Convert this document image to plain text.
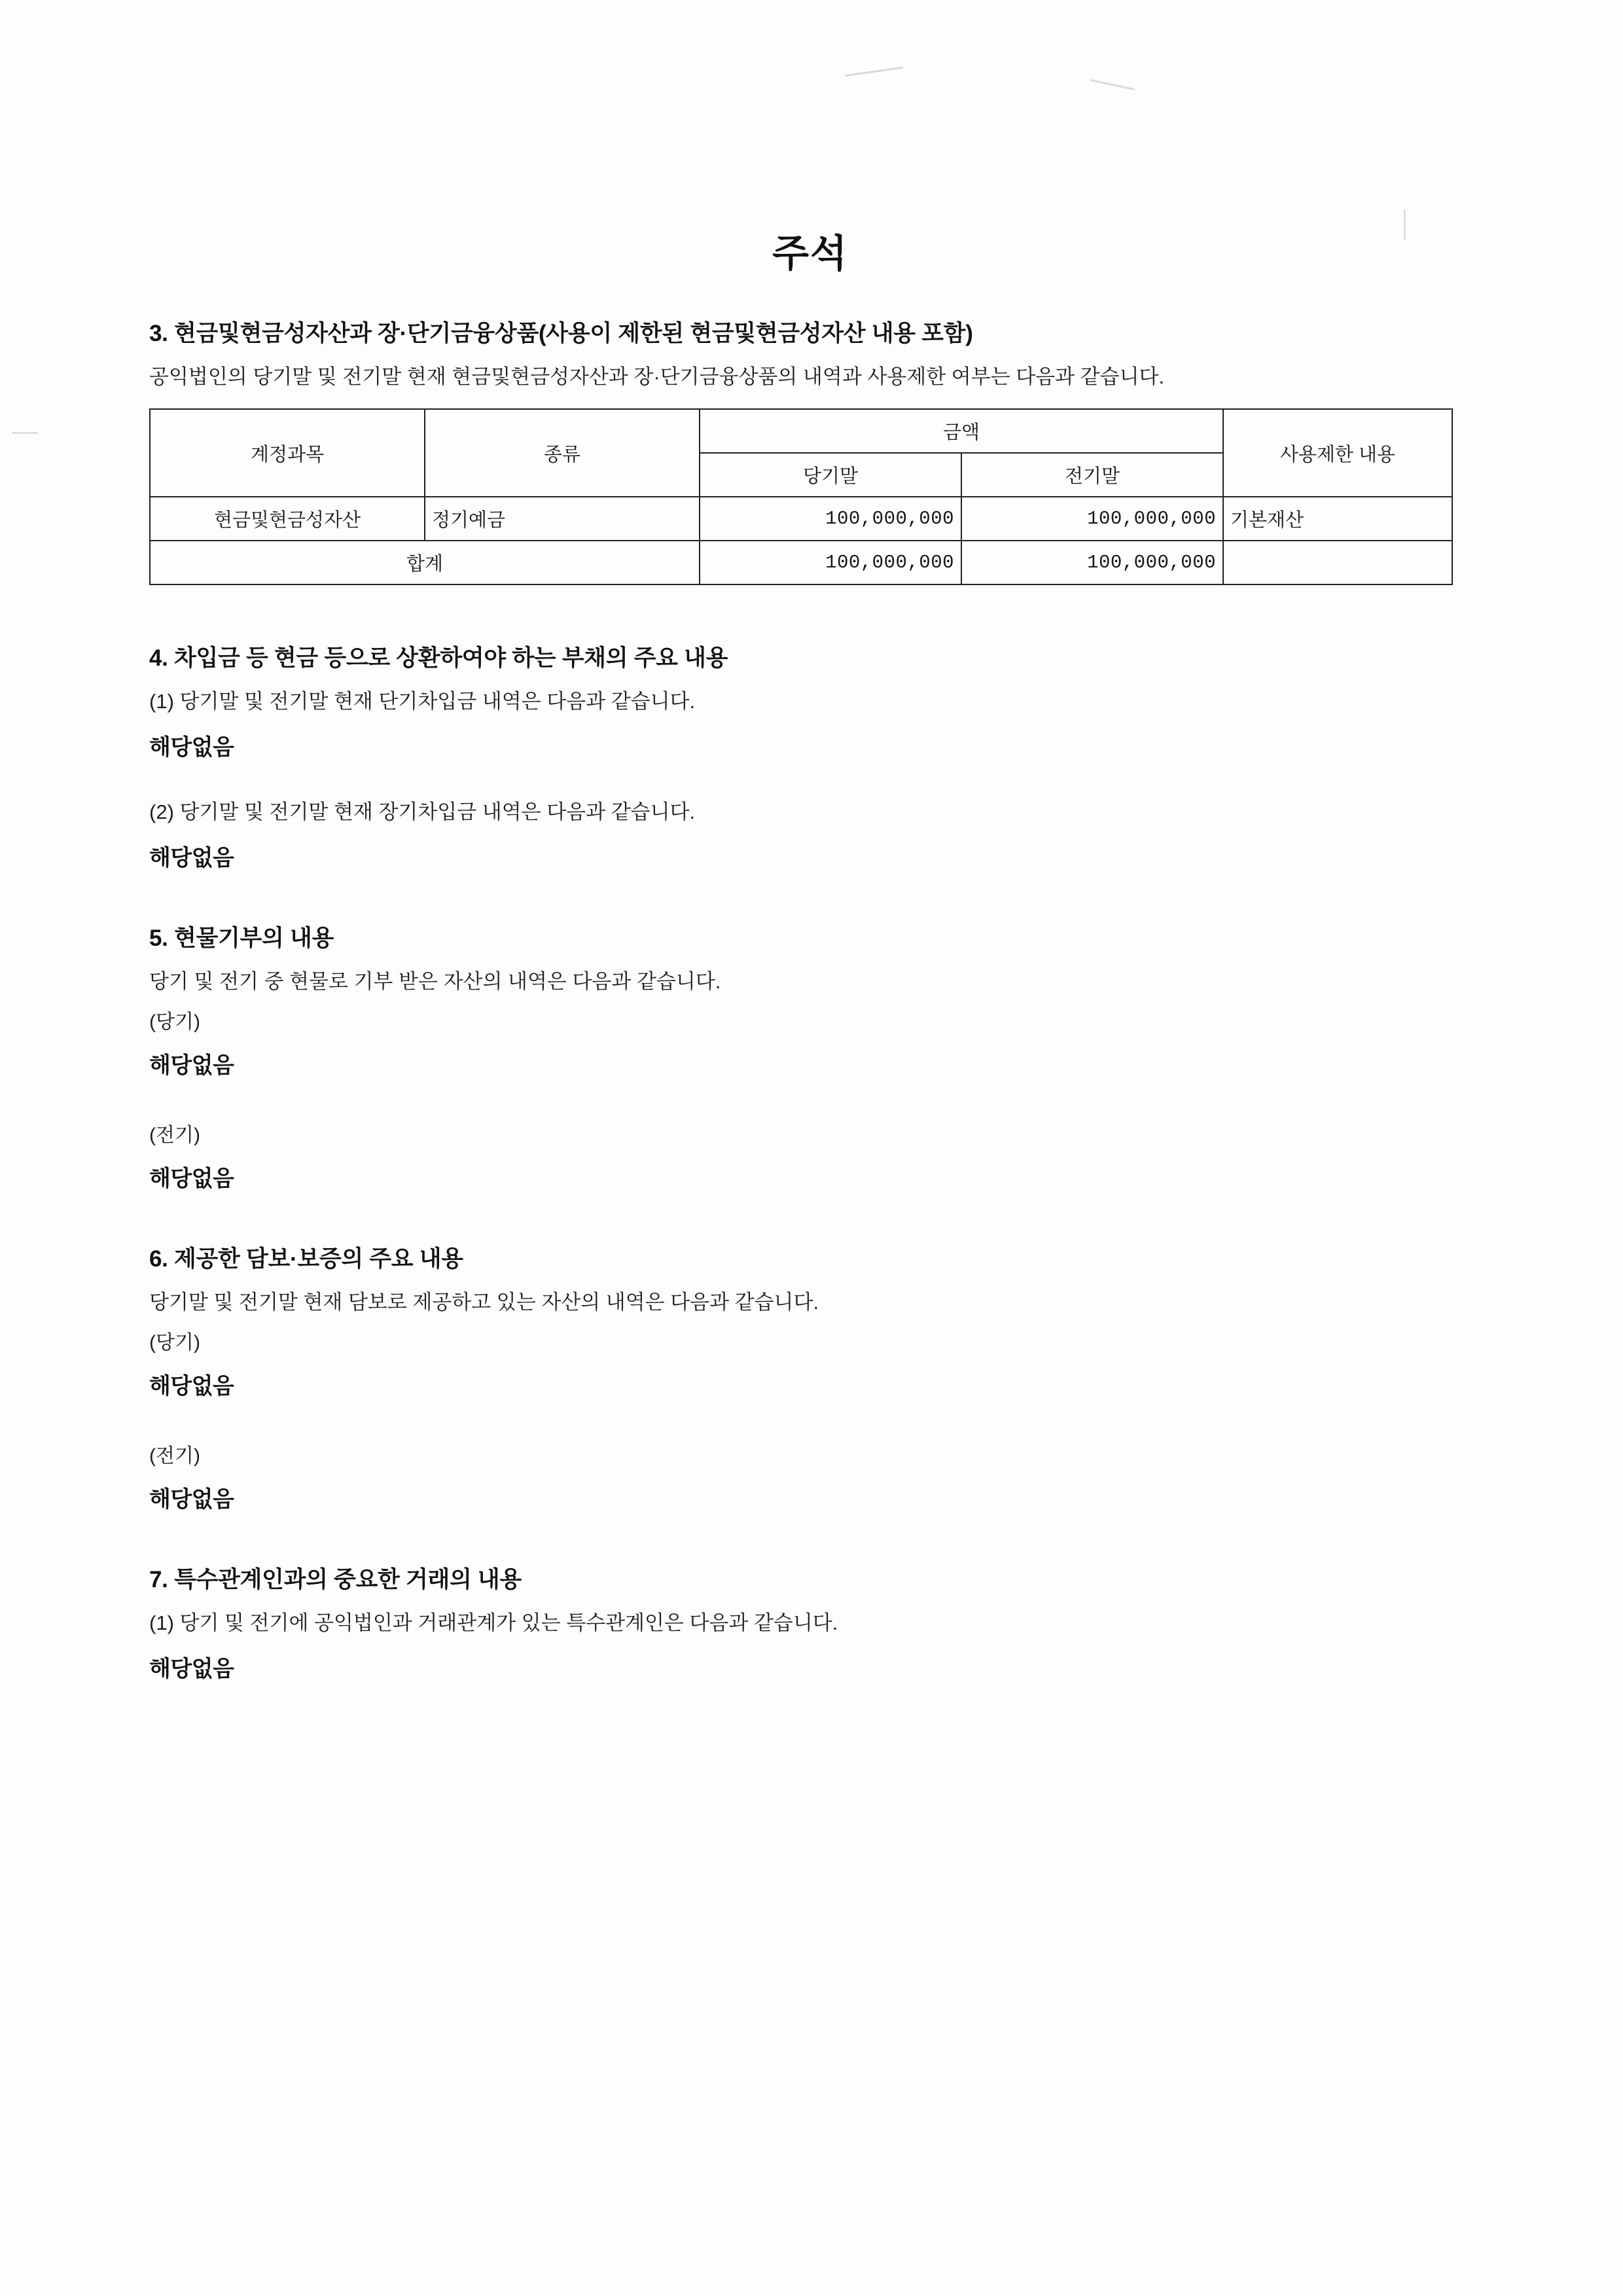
주석
3. 현금및현금성자산과 장·단기금융상품(사용이 제한된 현금및현금성자산 내용 포함)
공익법인의 당기말 및 전기말 현재 현금및현금성자산과 장·단기금융상품의 내역과 사용제한 여부는 다음과 같습니다.
계정과목	종류	금액		사용제한 내용
		당기말	전기말	
현금및현금성자산	정기예금	100,000,000	100,000,000	기본재산
합계		100,000,000	100,000,000	
4. 차입금 등 현금 등으로 상환하여야 하는 부채의 주요 내용
(1) 당기말 및 전기말 현재 단기차입금 내역은 다음과 같습니다.
해당없음
(2) 당기말 및 전기말 현재 장기차입금 내역은 다음과 같습니다.
해당없음
5. 현물기부의 내용
당기 및 전기 중 현물로 기부 받은 자산의 내역은 다음과 같습니다.
(당기)
해당없음
(전기)
해당없음
6. 제공한 담보·보증의 주요 내용
당기말 및 전기말 현재 담보로 제공하고 있는 자산의 내역은 다음과 같습니다.
(당기)
해당없음
(전기)
해당없음
7. 특수관계인과의 중요한 거래의 내용
(1) 당기 및 전기에 공익법인과 거래관계가 있는 특수관계인은 다음과 같습니다.
해당없음
